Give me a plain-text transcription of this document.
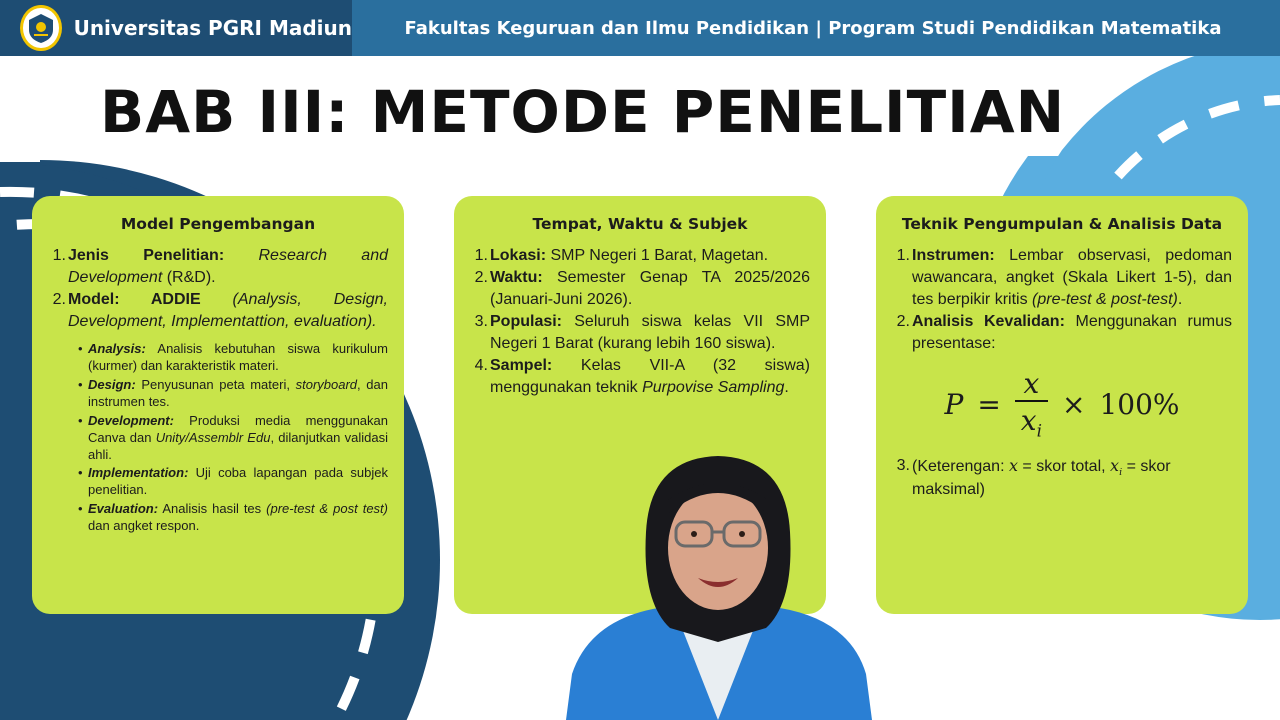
Universitas PGRI Madiun	Fakultas Keguruan dan Ilmu Pendidikan | Program Studi Pendidikan Matematika
BAB III: METODE PENELITIAN
Model Pengembangan
1. Jenis Penelitian: Research and Development (R&D).
2. Model: ADDIE (Analysis, Design, Development, Implementattion, evaluation).
• Analysis: Analisis kebutuhan siswa kurikulum (kurmer) dan karakteristik materi.
• Design: Penyusunan peta materi, storyboard, dan instrumen tes.
• Development: Produksi media menggunakan Canva dan Unity/Assemblr Edu, dilanjutkan validasi ahli.
• Implementation: Uji coba lapangan pada subjek penelitian.
• Evaluation: Analisis hasil tes (pre-test & post test) dan angket respon.
Tempat, Waktu & Subjek
1. Lokasi: SMP Negeri 1 Barat, Magetan.
2. Waktu: Semester Genap TA 2025/2026 (Januari-Juni 2026).
3. Populasi: Seluruh siswa kelas VII SMP Negeri 1 Barat (kurang lebih 160 siswa).
4. Sampel: Kelas VII-A (32 siswa) menggunakan teknik Purpovise Sampling.
Teknik Pengumpulan & Analisis Data
1. Instrumen: Lembar observasi, pedoman wawancara, angket (Skala Likert 1-5), dan tes berpikir kritis (pre-test & post-test).
2. Analisis Kevalidan: Menggunakan rumus presentase:
$P = \frac{x}{x_i} \times 100\%$
3. (Keterengan: x = skor total, $x_i$ = skor maksimal)
